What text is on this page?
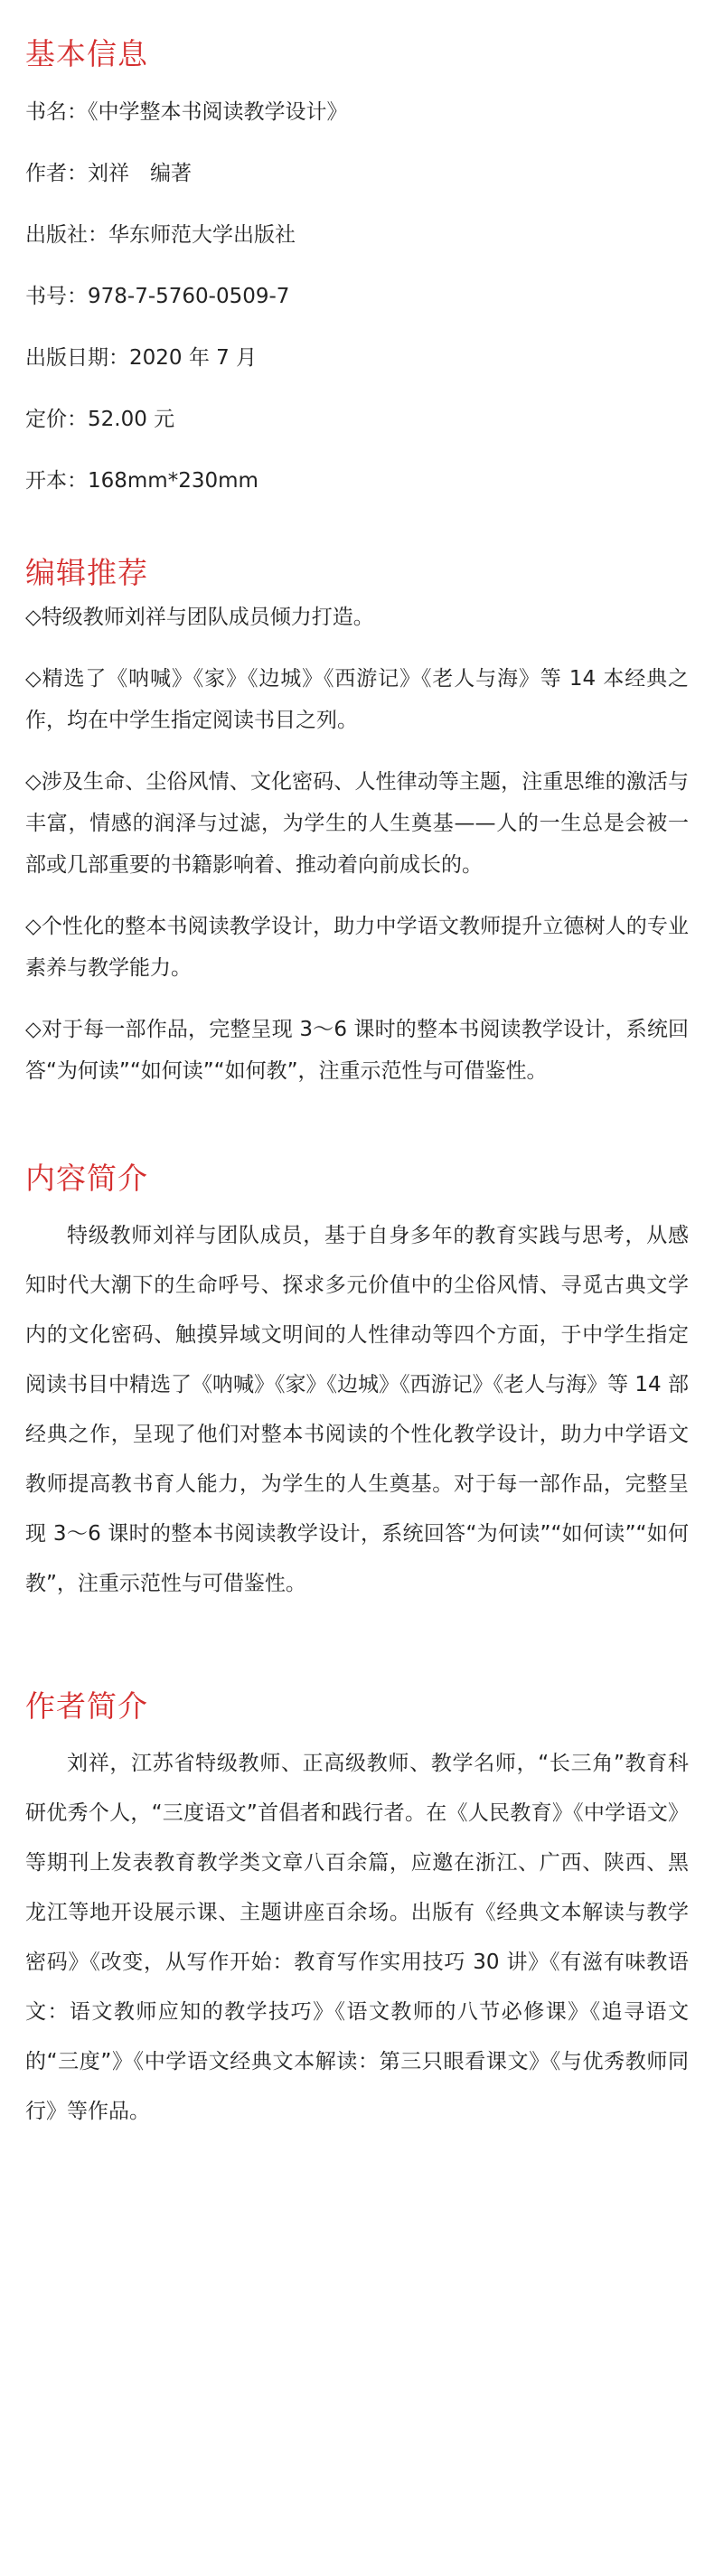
基本信息
书名：《中学整本书阅读教学设计》
作者：刘祥　编著
出版社：华东师范大学出版社
书号：978-7-5760-0509-7
出版日期：2020 年 7 月
定价：52.00 元
开本：168mm*230mm
编辑推荐

◇特级教师刘祥与团队成员倾力打造。

◇精选了《呐喊》《家》《边城》《西游记》《老人与海》等 14 本经典之作，均在中学生指定阅读书目之列。

◇涉及生命、尘俗风情、文化密码、人性律动等主题，注重思维的激活与丰富，情感的润泽与过滤，为学生的人生奠基——人的一生总是会被一部或几部重要的书籍影响着、推动着向前成长的。

◇个性化的整本书阅读教学设计，助力中学语文教师提升立德树人的专业素养与教学能力。

◇对于每一部作品，完整呈现 3～6 课时的整本书阅读教学设计，系统回答“为何读”“如何读”“如何教”，注重示范性与可借鉴性。

内容简介

特级教师刘祥与团队成员，基于自身多年的教育实践与思考，从感知时代大潮下的生命呼号、探求多元价值中的尘俗风情、寻觅古典文学内的文化密码、触摸异域文明间的人性律动等四个方面，于中学生指定阅读书目中精选了《呐喊》《家》《边城》《西游记》《老人与海》等 14 部经典之作，呈现了他们对整本书阅读的个性化教学设计，助力中学语文教师提高教书育人能力，为学生的人生奠基。对于每一部作品，完整呈现 3～6 课时的整本书阅读教学设计，系统回答“为何读”“如何读”“如何教”，注重示范性与可借鉴性。

作者简介

刘祥，江苏省特级教师、正高级教师、教学名师，“长三角”教育科研优秀个人，“三度语文”首倡者和践行者。在《人民教育》《中学语文》等期刊上发表教育教学类文章八百余篇，应邀在浙江、广西、陕西、黑龙江等地开设展示课、主题讲座百余场。出版有《经典文本解读与教学密码》《改变，从写作开始：教育写作实用技巧 30 讲》《有滋有味教语文：语文教师应知的教学技巧》《语文教师的八节必修课》《追寻语文的“三度”》《中学语文经典文本解读：第三只眼看课文》《与优秀教师同行》等作品。
